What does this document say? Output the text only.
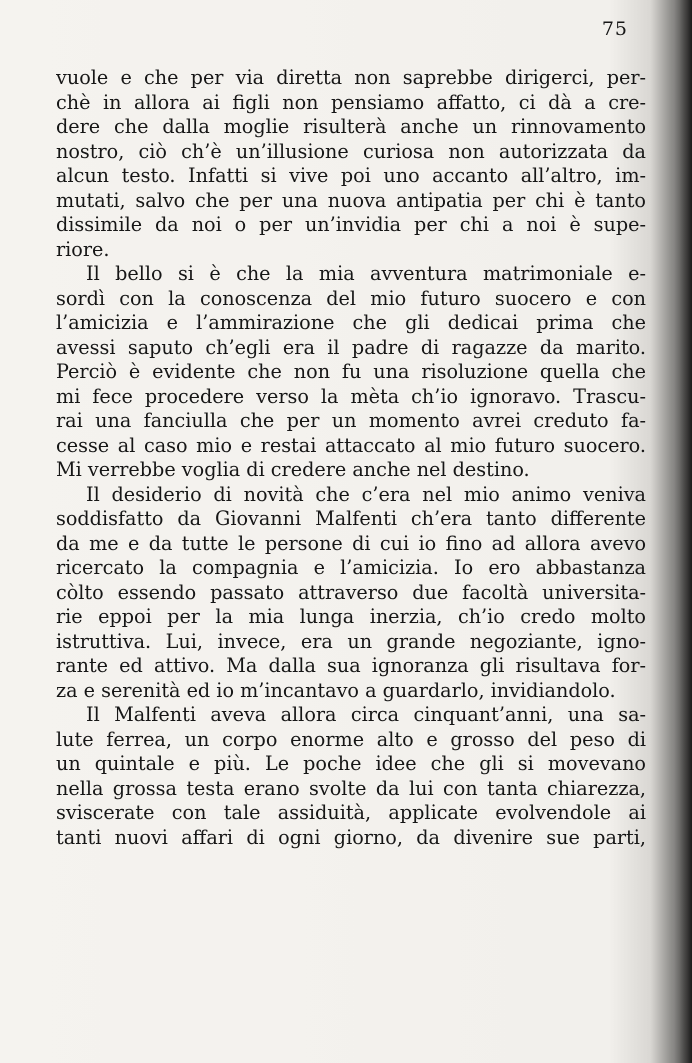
75
vuole e che per via diretta non saprebbe dirigerci, per-
chè in allora ai figli non pensiamo affatto, ci dà a cre-
dere che dalla moglie risulterà anche un rinnovamento
nostro, ciò ch’è un’illusione curiosa non autorizzata da
alcun testo. Infatti si vive poi uno accanto all’altro, im-
mutati, salvo che per una nuova antipatia per chi è tanto
dissimile da noi o per un’invidia per chi a noi è supe-
riore.
Il bello si è che la mia avventura matrimoniale e-
sordì con la conoscenza del mio futuro suocero e con
l’amicizia e l’ammirazione che gli dedicai prima che
avessi saputo ch’egli era il padre di ragazze da marito.
Perciò è evidente che non fu una risoluzione quella che
mi fece procedere verso la mèta ch’io ignoravo. Trascu-
rai una fanciulla che per un momento avrei creduto fa-
cesse al caso mio e restai attaccato al mio futuro suocero.
Mi verrebbe voglia di credere anche nel destino.
Il desiderio di novità che c’era nel mio animo veniva
soddisfatto da Giovanni Malfenti ch’era tanto differente
da me e da tutte le persone di cui io fino ad allora avevo
ricercato la compagnia e l’amicizia. Io ero abbastanza
còlto essendo passato attraverso due facoltà universita-
rie eppoi per la mia lunga inerzia, ch’io credo molto
istruttiva. Lui, invece, era un grande negoziante, igno-
rante ed attivo. Ma dalla sua ignoranza gli risultava for-
za e serenità ed io m’incantavo a guardarlo, invidiandolo.
Il Malfenti aveva allora circa cinquant’anni, una sa-
lute ferrea, un corpo enorme alto e grosso del peso di
un quintale e più. Le poche idee che gli si movevano
nella grossa testa erano svolte da lui con tanta chiarezza,
sviscerate con tale assiduità, applicate evolvendole ai
tanti nuovi affari di ogni giorno, da divenire sue parti,
